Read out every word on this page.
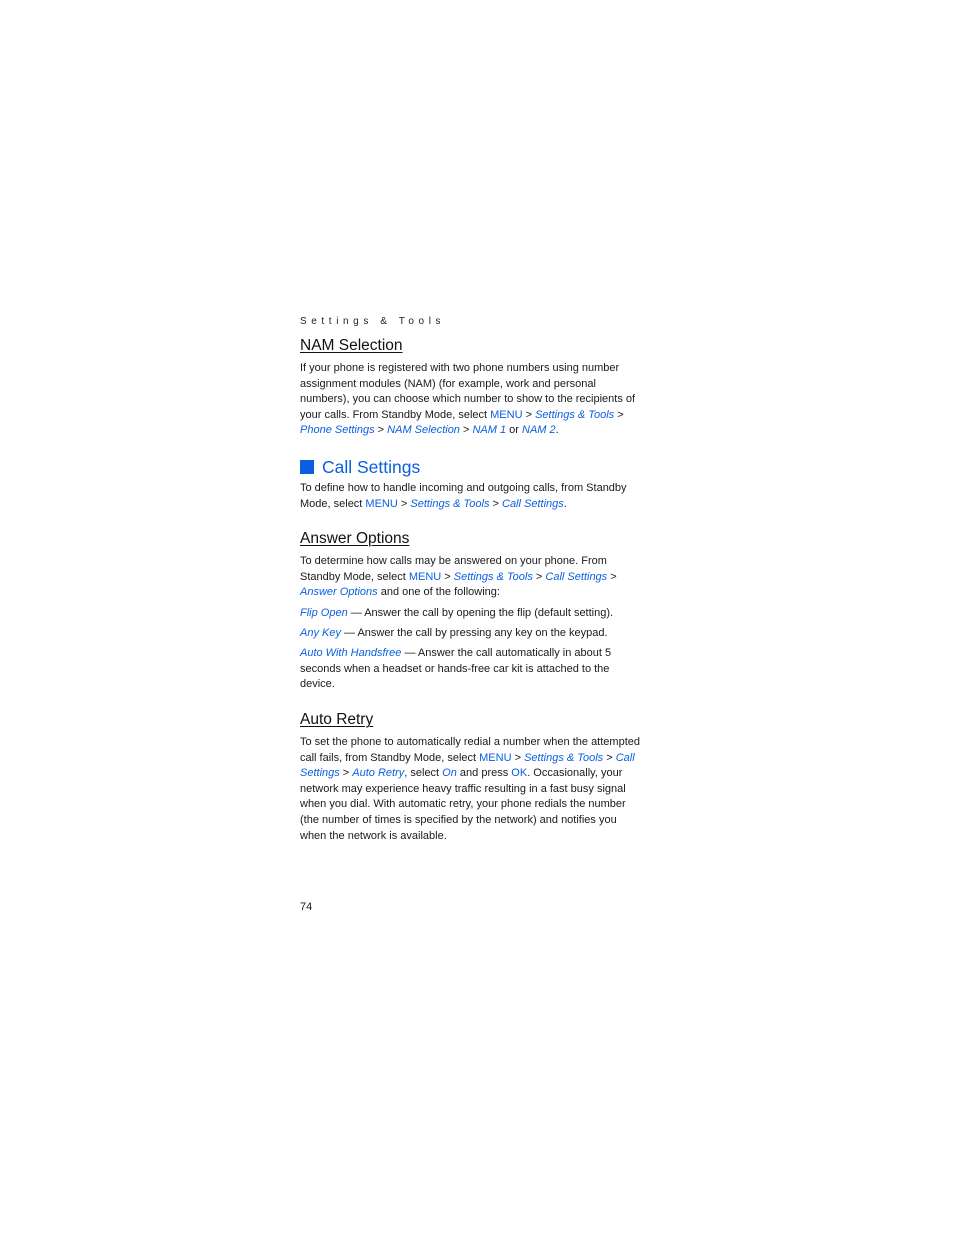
Settings & Tools
NAM Selection

If your phone is registered with two phone numbers using number assignment modules (NAM) (for example, work and personal numbers), you can choose which number to show to the recipients of your calls. From Standby Mode, select MENU > Settings & Tools > Phone Settings > NAM Selection > NAM 1 or NAM 2.

Call Settings

To define how to handle incoming and outgoing calls, from Standby Mode, select MENU > Settings & Tools > Call Settings.

Answer Options

To determine how calls may be answered on your phone. From Standby Mode, select MENU > Settings & Tools > Call Settings > Answer Options and one of the following:

Flip Open — Answer the call by opening the flip (default setting).

Any Key — Answer the call by pressing any key on the keypad.

Auto With Handsfree — Answer the call automatically in about 5 seconds when a headset or hands-free car kit is attached to the device.

Auto Retry

To set the phone to automatically redial a number when the attempted call fails, from Standby Mode, select MENU > Settings & Tools > Call Settings > Auto Retry, select On and press OK. Occasionally, your network may experience heavy traffic resulting in a fast busy signal when you dial. With automatic retry, your phone redials the number (the number of times is specified by the network) and notifies you when the network is available.

74
